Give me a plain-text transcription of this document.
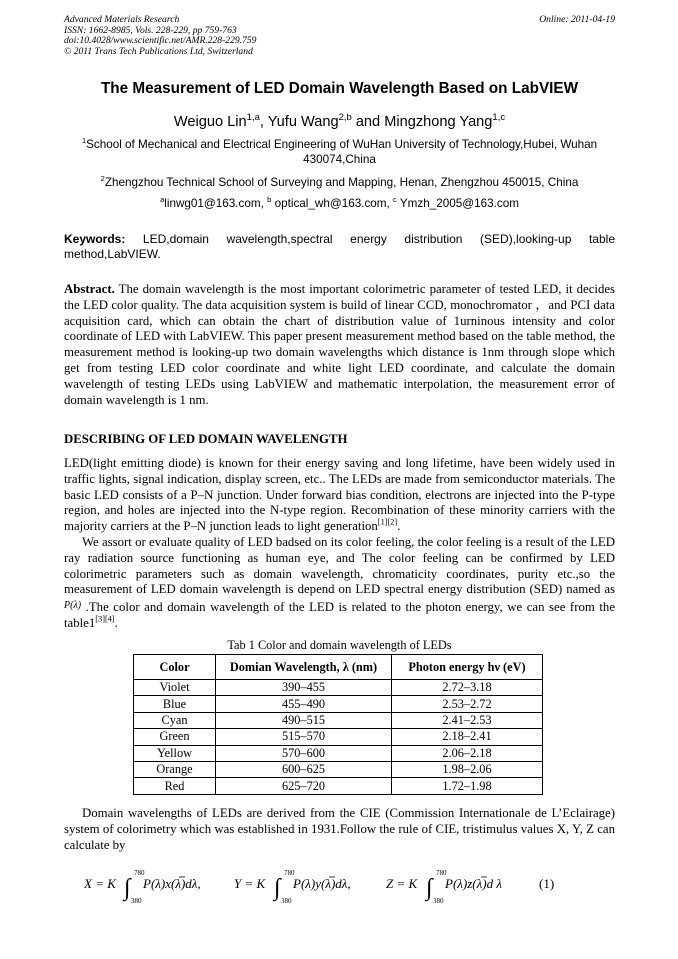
Advanced Materials Research
ISSN: 1662-8985, Vols. 228-229, pp 759-763
doi:10.4028/www.scientific.net/AMR.228-229.759
© 2011 Trans Tech Publications Ltd, Switzerland
Online: 2011-04-19
The Measurement of LED Domain Wavelength Based on LabVIEW
Weiguo Lin$^{1,a}$, Yufu Wang$^{2,b}$ and Mingzhong Yang$^{1,c}$
$^1$School of Mechanical and Electrical Engineering of WuHan University of Technology,Hubei, Wuhan 430074,China
$^2$Zhengzhou Technical School of Surveying and Mapping, Henan, Zhengzhou 450015, China
$^a$linwg01@163.com, $^b$ optical_wh@163.com, $^c$ Ymzh_2005@163.com
Keywords: LED,domain wavelength,spectral energy distribution (SED),looking-up table method,LabVIEW.
Abstract. The domain wavelength is the most important colorimetric parameter of tested LED, it decides the LED color quality. The data acquisition system is build of linear CCD, monochromator ，and PCI data acquisition card, which can obtain the chart of distribution value of 1urninous intensity and color coordinate of LED with LabVIEW. This paper present measurement method based on the table method, the measurement method is looking-up two domain wavelengths which distance is 1nm through slope which get from testing LED color coordinate and white light LED coordinate, and calculate the domain wavelength of testing LEDs using LabVIEW and mathematic interpolation, the measurement error of domain wavelength is 1 nm.
DESCRIBING OF LED DOMAIN WAVELENGTH
LED(light emitting diode) is known for their energy saving and long lifetime, have been widely used in traffic lights, signal indication, display screen, etc.. The LEDs are made from semiconductor materials. The basic LED consists of a P–N junction. Under forward bias condition, electrons are injected into the P-type region, and holes are injected into the N-type region. Recombination of these minority carriers with the majority carriers at the P–N junction leads to light generation[1][2].
We assort or evaluate quality of LED badsed on its color feeling, the color feeling is a result of the LED ray radiation source functioning as human eye, and The color feeling can be confirmed by LED colorimetric parameters such as domain wavelength, chromaticity coordinates, purity etc.,so the measurement of LED domain wavelength is depend on LED spectral energy distribution (SED) named as $^{P(\lambda)}$ .The color and domain wavelength of the LED is related to the photon energy, we can see from the table1[3][4].
Tab 1 Color and domain wavelength of LEDs
Color	Domian Wavelength, λ (nm)	Photon energy hν (eV)
Violet	390–455	2.72–3.18
Blue	455–490	2.53–2.72
Cyan	490–515	2.41–2.53
Green	515–570	2.18–2.41
Yellow	570–600	2.06–2.18
Orange	600–625	1.98–2.06
Red	625–720	1.72–1.98
Domain wavelengths of LEDs are derived from the CIE (Commission Internationale de L’Eclairage) system of colorimetry which was established in 1931.Follow the rule of CIE, tristimulus values X, Y, Z can calculate by
X = K ∫
780
380
P(λ)x(λ)dλ,	Y = K ∫
780
380
P(λ)y(λ)dλ,	Z = K ∫
780
380
P(λ)z(λ)d λ	(1)
